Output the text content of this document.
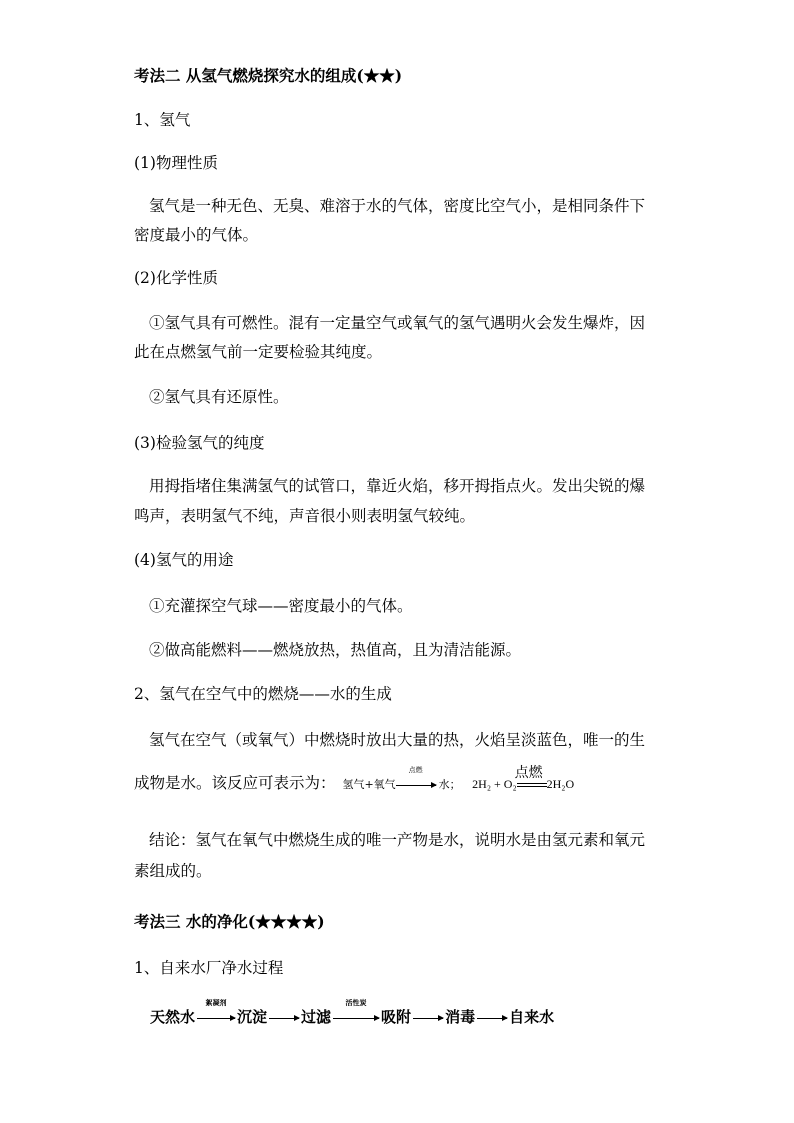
考法二 从氢气燃烧探究水的组成(★★)
1、氢气
(1)物理性质
氢气是一种无色、无臭、难溶于水的气体，密度比空气小，是相同条件下
密度最小的气体。
(2)化学性质
①氢气具有可燃性。混有一定量空气或氧气的氢气遇明火会发生爆炸，因
此在点燃氢气前一定要检验其纯度。
②氢气具有还原性。
(3)检验氢气的纯度
用拇指堵住集满氢气的试管口，靠近火焰，移开拇指点火。发出尖锐的爆
鸣声，表明氢气不纯，声音很小则表明氢气较纯。
(4)氢气的用途
①充灌探空气球——密度最小的气体。
②做高能燃料——燃烧放热，热值高，且为清洁能源。
2、氢气在空气中的燃烧——水的生成
氢气在空气（或氧气）中燃烧时放出大量的热，火焰呈淡蓝色，唯一的生
成物是水。该反应可表示为： 氢气+氧气
点燃
水； 2H₂ + O₂
点燃
2H₂O
结论：氢气在氧气中燃烧生成的唯一产物是水，说明水是由氢元素和氧元
素组成的。
考法三 水的净化(★★★★)
1、自来水厂净水过程
天然水
絮凝剂
沉淀 过滤
活性炭
吸附 消毒 自来水
